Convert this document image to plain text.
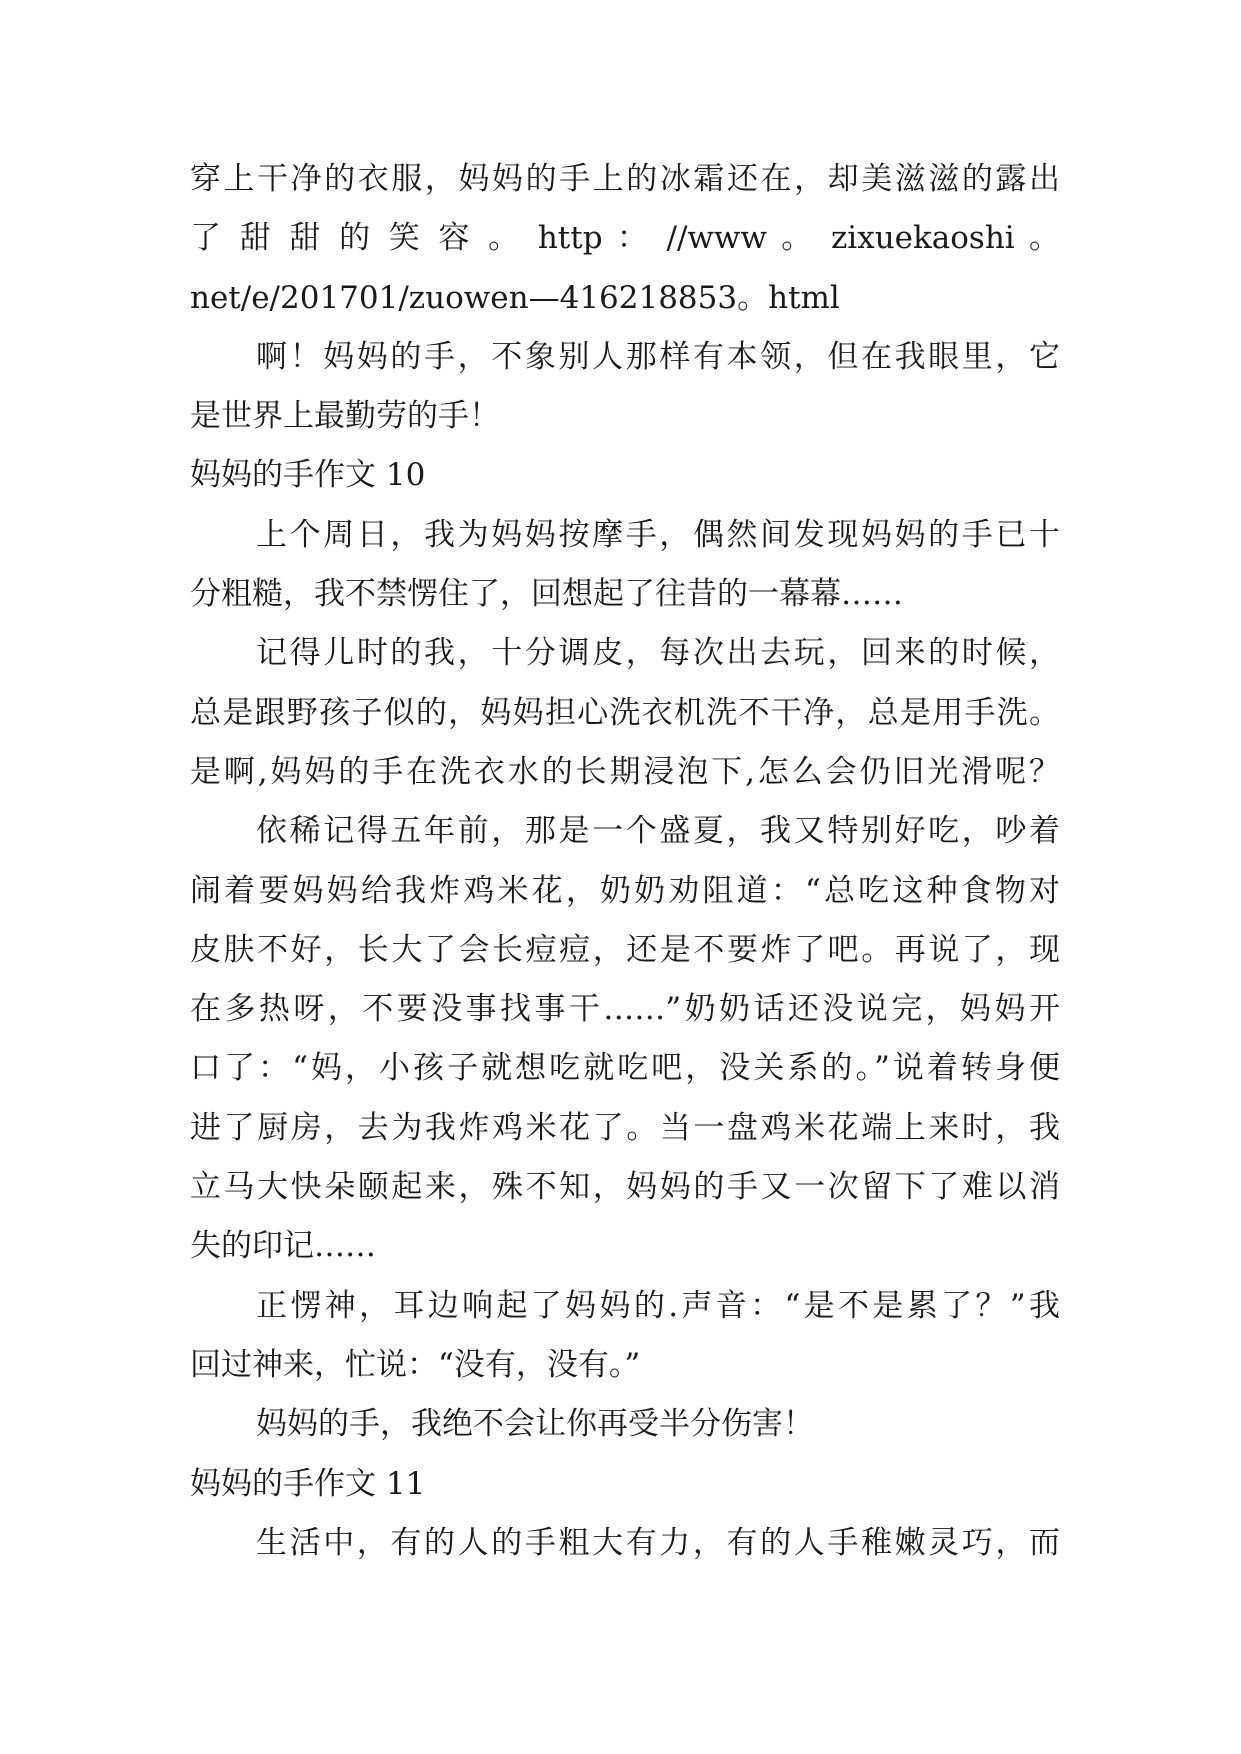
穿上干净的衣服，妈妈的手上的冰霜还在，却美滋滋的露出
了 甜 甜 的 笑 容 。 http ： //www 。 zixuekaoshi 。
net/e/201701/zuowen—416218853。html
啊！妈妈的手，不象别人那样有本领，但在我眼里，它
是世界上最勤劳的手！
妈妈的手作文 10
上个周日，我为妈妈按摩手，偶然间发现妈妈的手已十
分粗糙，我不禁愣住了，回想起了往昔的一幕幕……
记得儿时的我，十分调皮，每次出去玩，回来的时候，
总是跟野孩子似的，妈妈担心洗衣机洗不干净，总是用手洗。
是啊,妈妈的手在洗衣水的长期浸泡下,怎么会仍旧光滑呢？
依稀记得五年前，那是一个盛夏，我又特别好吃，吵着
闹着要妈妈给我炸鸡米花，奶奶劝阻道：“总吃这种食物对
皮肤不好，长大了会长痘痘，还是不要炸了吧。再说了，现
在多热呀，不要没事找事干……”奶奶话还没说完，妈妈开
口了：“妈，小孩子就想吃就吃吧，没关系的。”说着转身便
进了厨房，去为我炸鸡米花了。当一盘鸡米花端上来时，我
立马大快朵颐起来，殊不知，妈妈的手又一次留下了难以消
失的印记……
正愣神，耳边响起了妈妈的.声音：“是不是累了？”我
回过神来，忙说：“没有，没有。”
妈妈的手，我绝不会让你再受半分伤害！
妈妈的手作文 11
生活中，有的人的手粗大有力，有的人手稚嫩灵巧，而
